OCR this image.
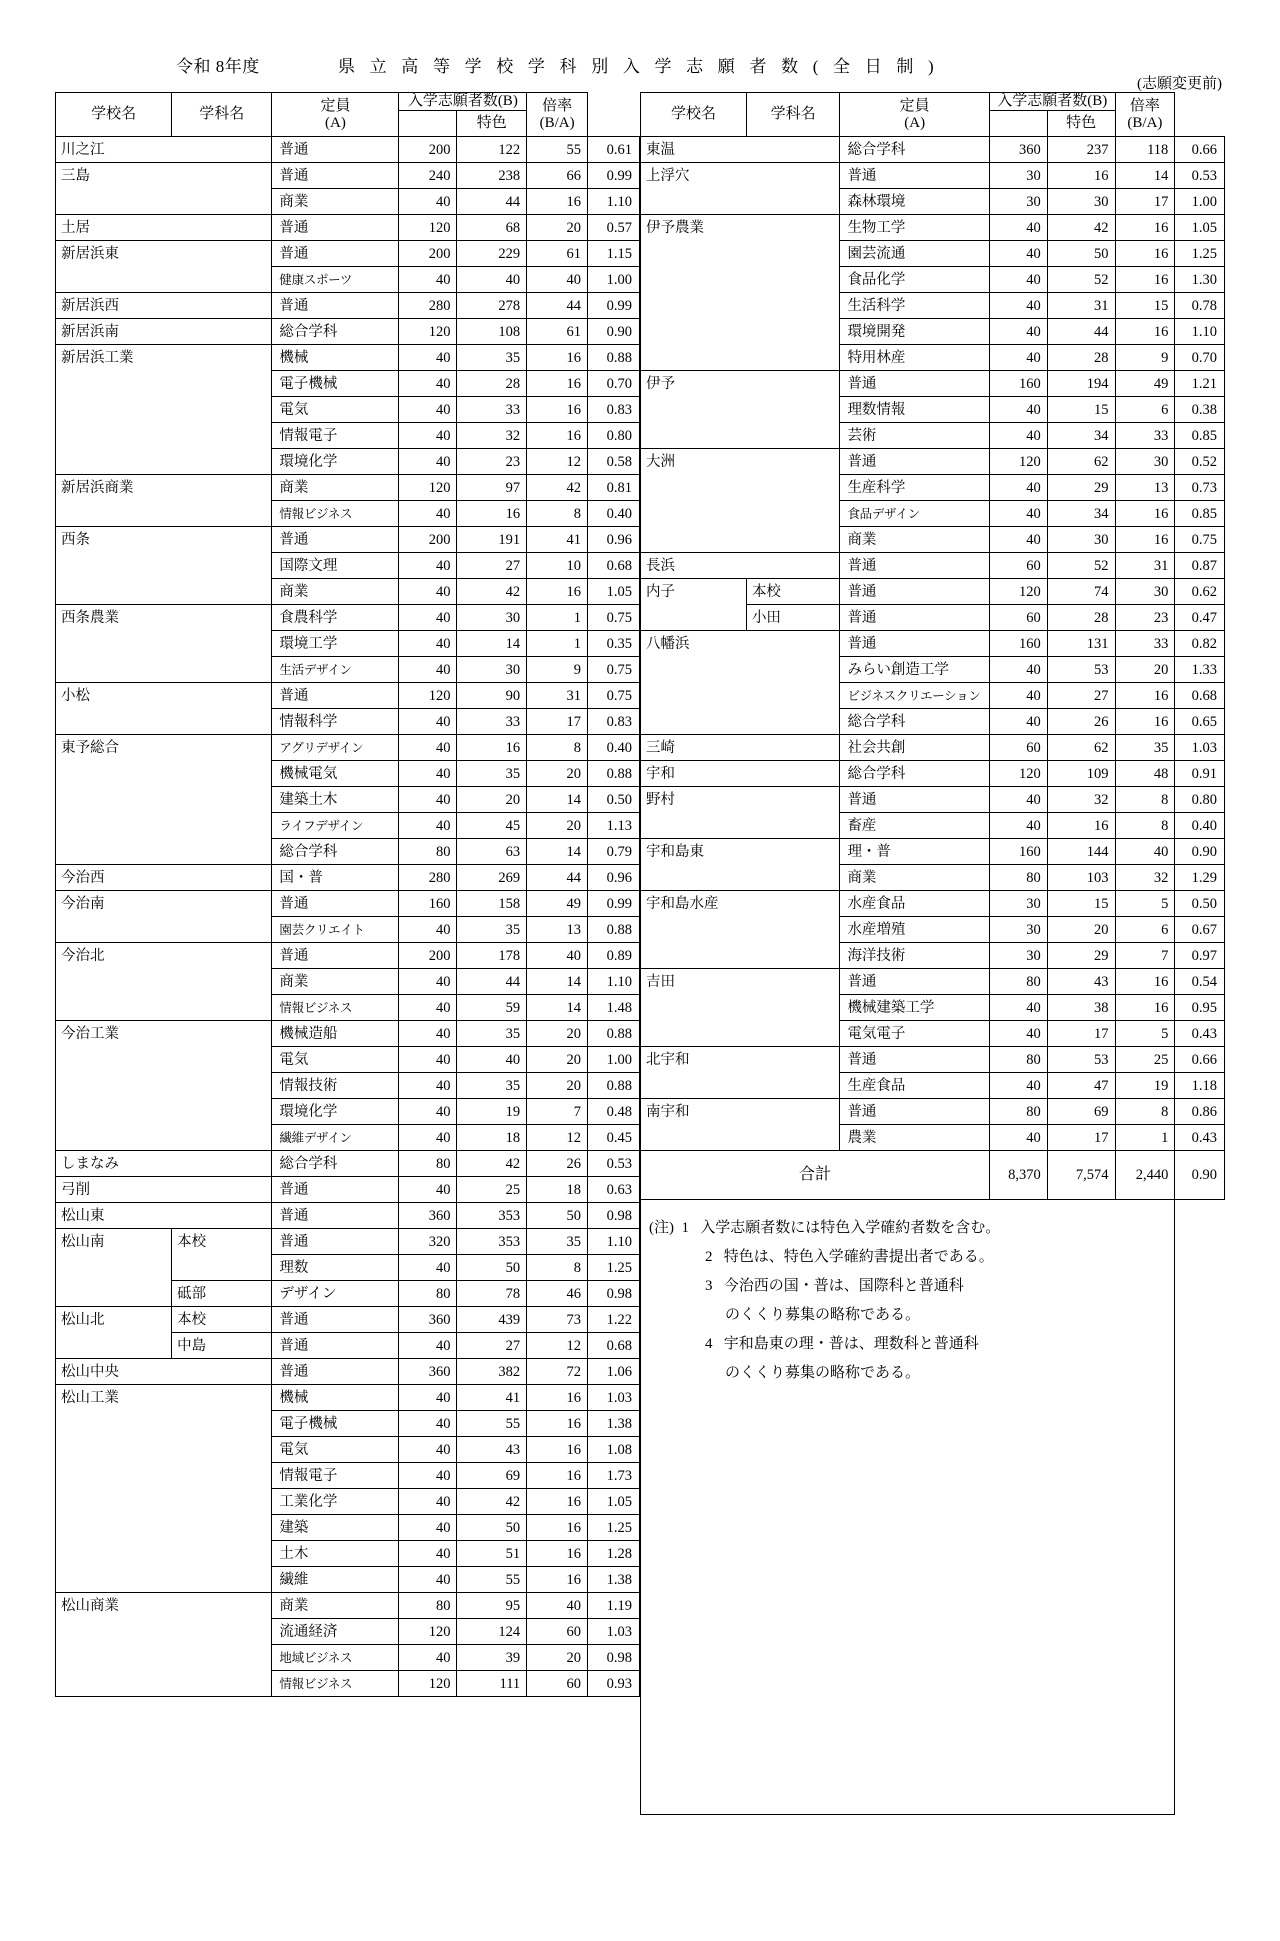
令和 8年度	県 立 高 等 学 校 学 科 別 入 学 志 願 者 数 ( 全 日 制 )
(志願変更前)
学校名	学科名	
定員
(A)
	入学志願者数(B)	倍率
(B/A)

				特色		
川之江		普通	200	122	55	0.61
三島		普通	240	238	66	0.99
		商業	40	44	16	1.10
土居		普通	120	68	20	0.57
新居浜東		普通	200	229	61	1.15
		健康スポーツ	40	40	40	1.00
新居浜西		普通	280	278	44	0.99
新居浜南		総合学科	120	108	61	0.90
新居浜工業		機械	40	35	16	0.88
		電子機械	40	28	16	0.70
		電気	40	33	16	0.83
		情報電子	40	32	16	0.80
		環境化学	40	23	12	0.58
新居浜商業		商業	120	97	42	0.81
		情報ビジネス	40	16	8	0.40
西条		普通	200	191	41	0.96
		国際文理	40	27	10	0.68
		商業	40	42	16	1.05
西条農業		食農科学	40	30	1	0.75
		環境工学	40	14	1	0.35
		生活デザイン	40	30	9	0.75
小松		普通	120	90	31	0.75
		情報科学	40	33	17	0.83
東予総合		アグリデザイン	40	16	8	0.40
		機械電気	40	35	20	0.88
		建築土木	40	20	14	0.50
		ライフデザイン	40	45	20	1.13
		総合学科	80	63	14	0.79
今治西		国・普	280	269	44	0.96
今治南		普通	160	158	49	0.99
		園芸クリエイト	40	35	13	0.88
今治北		普通	200	178	40	0.89
		商業	40	44	14	1.10
		情報ビジネス	40	59	14	1.48
今治工業		機械造船	40	35	20	0.88
		電気	40	40	20	1.00
		情報技術	40	35	20	0.88
		環境化学	40	19	7	0.48
		繊維デザイン	40	18	12	0.45
しまなみ		総合学科	80	42	26	0.53
弓削		普通	40	25	18	0.63
松山東		普通	360	353	50	0.98
松山南	本校	普通	320	353	35	1.10
		理数	40	50	8	1.25
	砥部	デザイン	80	78	46	0.98
松山北	本校	普通	360	439	73	1.22
	中島	普通	40	27	12	0.68
松山中央		普通	360	382	72	1.06
松山工業		機械	40	41	16	1.03
		電子機械	40	55	16	1.38
		電気	40	43	16	1.08
		情報電子	40	69	16	1.73
		工業化学	40	42	16	1.05
		建築	40	50	16	1.25
		土木	40	51	16	1.28
		繊維	40	55	16	1.38
松山商業		商業	80	95	40	1.19
		流通経済	120	124	60	1.03
		地域ビジネス	40	39	20	0.98
		情報ビジネス	120	111	60	0.93
学校名	学科名	
定員
(A)
	入学志願者数(B)	倍率
(B/A)

				特色		
東温		総合学科	360	237	118	0.66
上浮穴		普通	30	16	14	0.53
		森林環境	30	30	17	1.00
伊予農業		生物工学	40	42	16	1.05
		園芸流通	40	50	16	1.25
		食品化学	40	52	16	1.30
		生活科学	40	31	15	0.78
		環境開発	40	44	16	1.10
		特用林産	40	28	9	0.70
伊予		普通	160	194	49	1.21
		理数情報	40	15	6	0.38
		芸術	40	34	33	0.85
大洲		普通	120	62	30	0.52
		生産科学	40	29	13	0.73
		食品デザイン	40	34	16	0.85
		商業	40	30	16	0.75
長浜		普通	60	52	31	0.87
内子	本校	普通	120	74	30	0.62
	小田	普通	60	28	23	0.47
八幡浜		普通	160	131	33	0.82
		みらい創造工学	40	53	20	1.33
		ビジネスクリエーション	40	27	16	0.68
		総合学科	40	26	16	0.65
三崎		社会共創	60	62	35	1.03
宇和		総合学科	120	109	48	0.91
野村		普通	40	32	8	0.80
		畜産	40	16	8	0.40
宇和島東		理・普	160	144	40	0.90
		商業	80	103	32	1.29
宇和島水産		水産食品	30	15	5	0.50
		水産増殖	30	20	6	0.67
		海洋技術	30	29	7	0.97
吉田		普通	80	43	16	0.54
		機械建築工学	40	38	16	0.95
		電気電子	40	17	5	0.43
北宇和		普通	80	53	25	0.66
		生産食品	40	47	19	1.18
南宇和		普通	80	69	8	0.86
		農業	40	17	1	0.43
合計			8,370	7,574	2,440	0.90

(注)  1   入学志願者数には特色入学確約者数を含む。
2   特色は、特色入学確約書提出者である。
3   今治西の国・普は、国際科と普通科
のくくり募集の略称である。
4   宇和島東の理・普は、理数科と普通科
のくくり募集の略称である。
